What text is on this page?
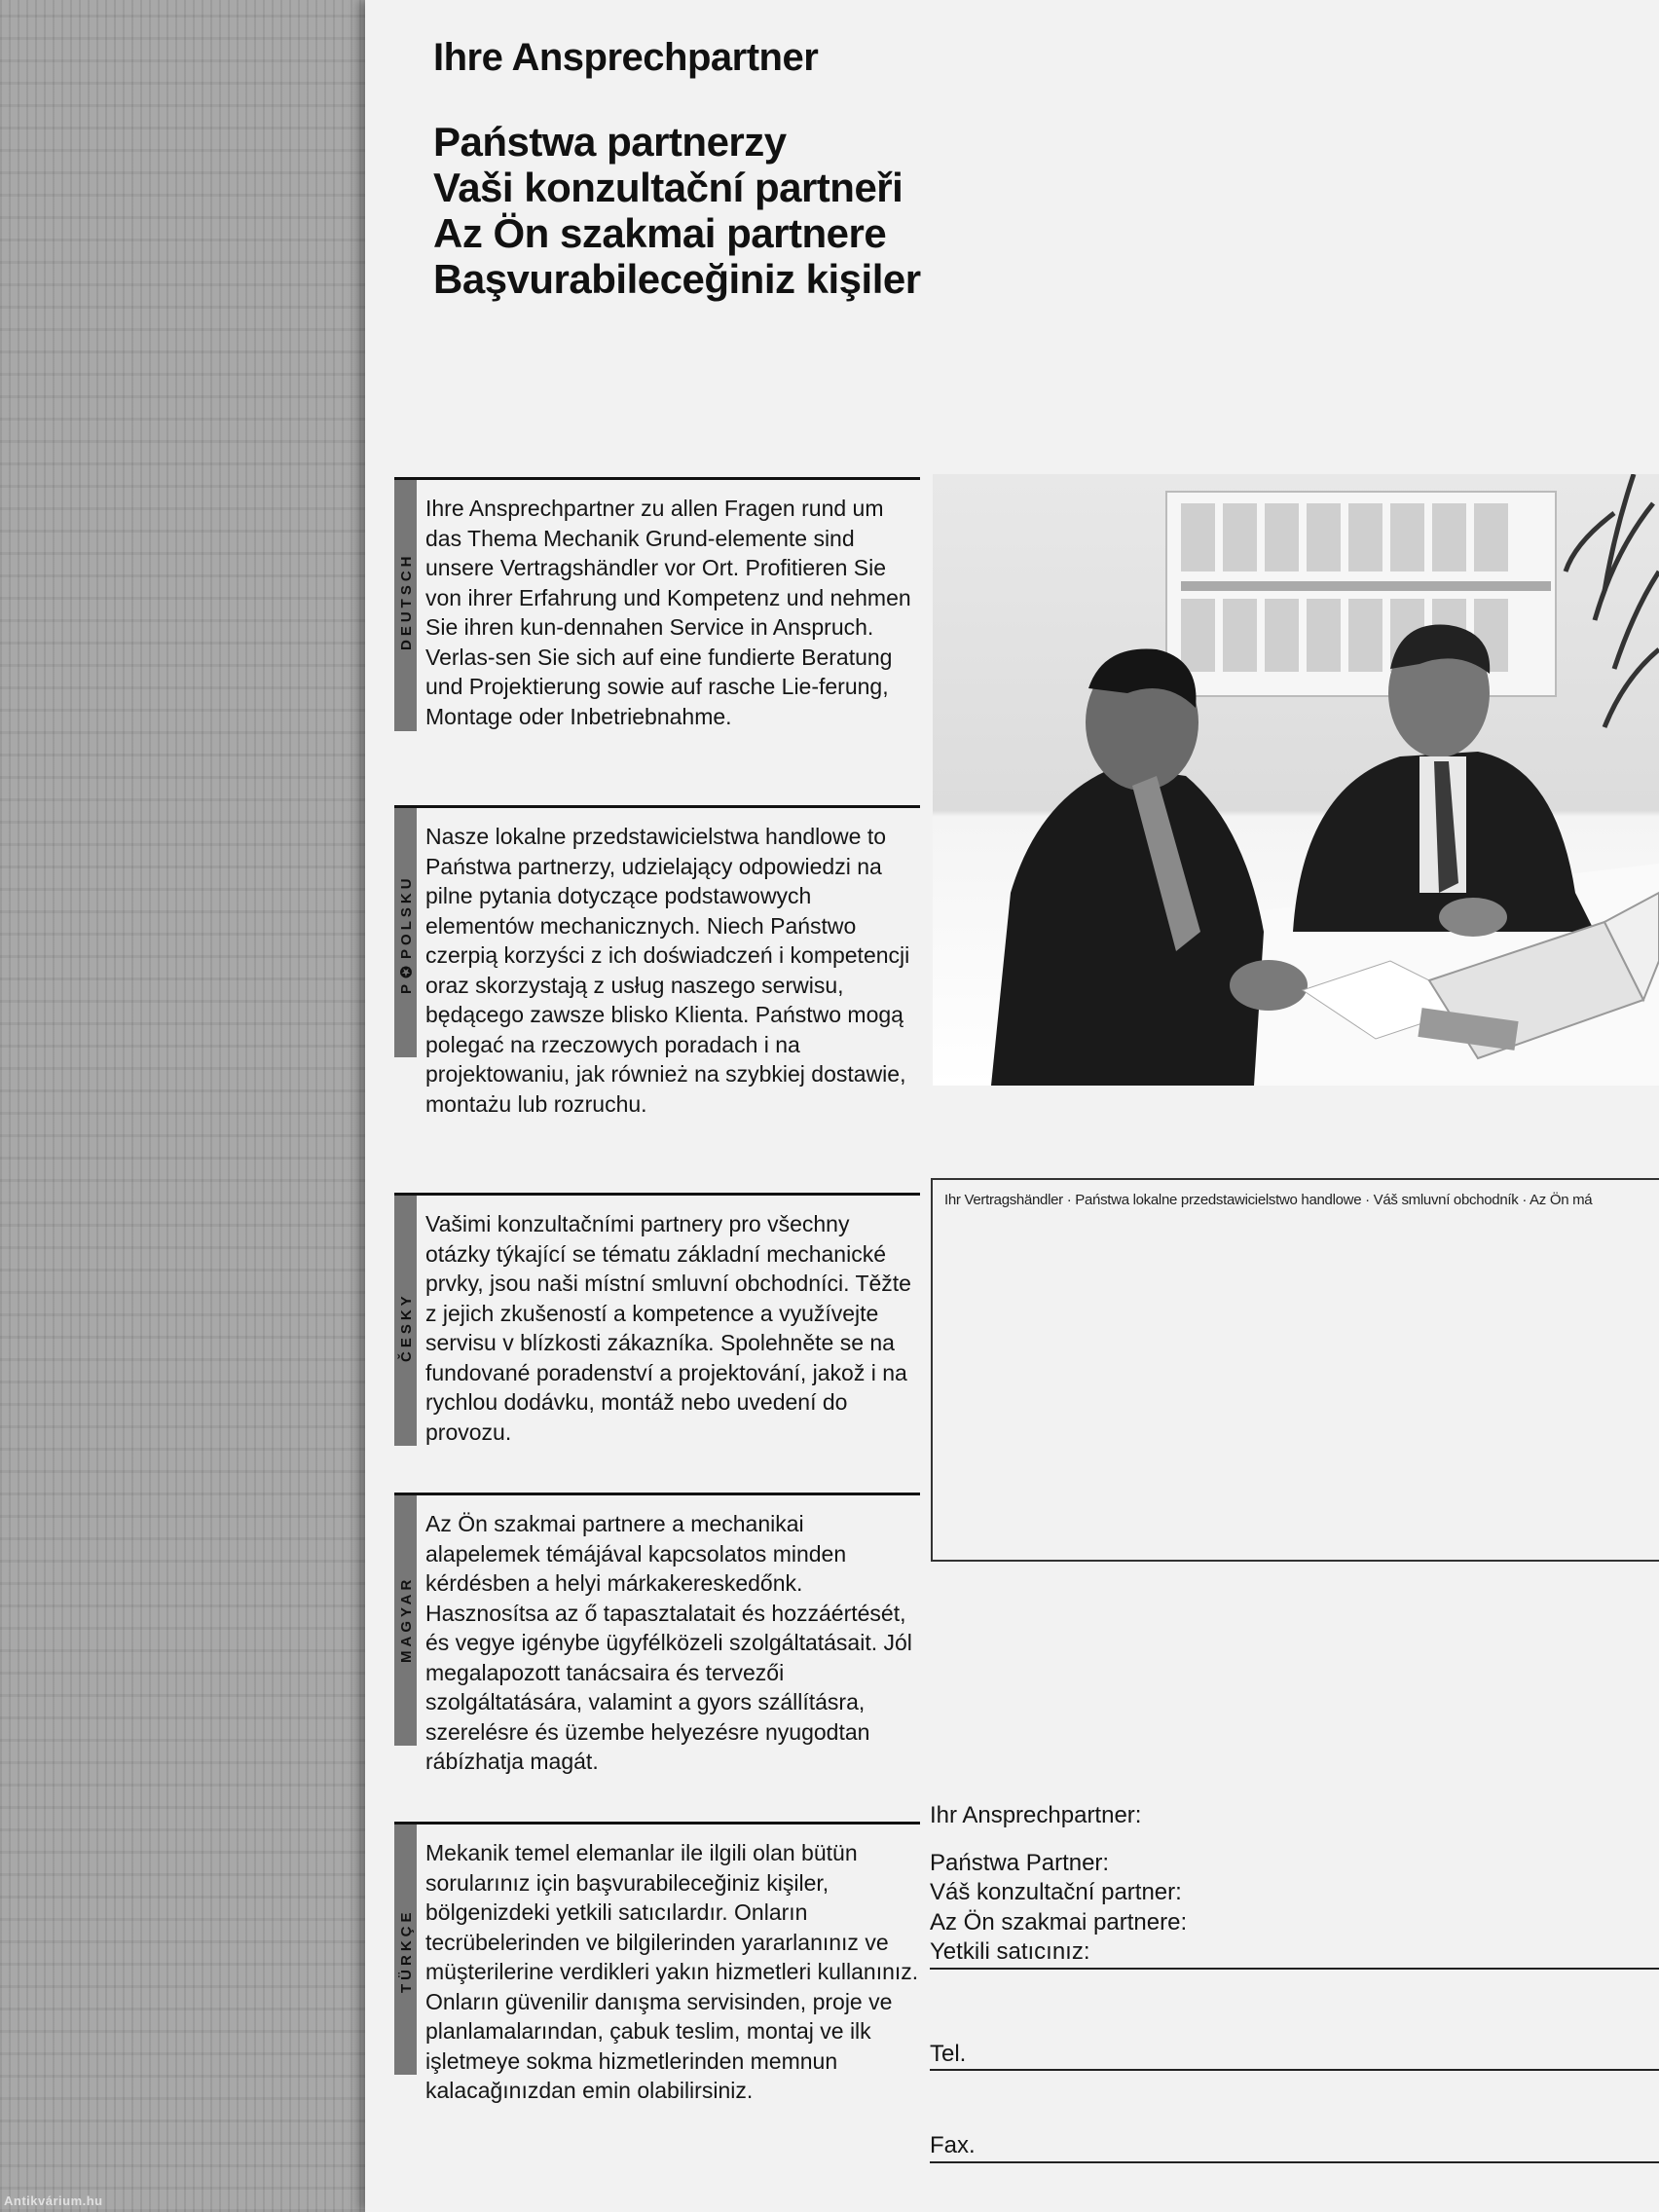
Ihre Ansprechpartner
Państwa partnerzy
Vaši konzultační partneři
Az Ön szakmai partnere
Başvurabileceğiniz kişiler
DEUTSCH
Ihre Ansprechpartner zu allen Fragen rund um das Thema Mechanik Grund-elemente sind unsere Vertragshändler vor Ort. Profitieren Sie von ihrer Erfahrung und Kompetenz und nehmen Sie ihren kun-dennahen Service in Anspruch. Verlas-sen Sie sich auf eine fundierte Beratung und Projektierung sowie auf rasche Lie-ferung, Montage oder Inbetriebnahme.
P✪POLSKU
Nasze lokalne przedstawicielstwa handlowe to Państwa partnerzy, udzielający odpowiedzi na pilne pytania dotyczące podstawowych elementów mechanicznych. Niech Państwo czerpią korzyści z ich doświadczeń i kompetencji oraz skorzystają z usług naszego serwisu, będącego zawsze blisko Klienta. Państwo mogą polegać na rzeczowych poradach i na projektowaniu, jak również na szybkiej dostawie, montażu lub rozruchu.
ČESKY
Vašimi konzultačními partnery pro všechny otázky týkající se tématu základní mechanické prvky, jsou naši místní smluvní obchodníci. Těžte z jejich zkušeností a kompetence a využívejte servisu v blízkosti zákazníka. Spolehněte se na fundované poradenství a projektování, jakož i na rychlou dodávku, montáž nebo uvedení do provozu.
MAGYAR
Az Ön szakmai partnere a mechanikai alapelemek témájával kapcsolatos minden kérdésben a helyi márkakereskedőnk. Hasznosítsa az ő tapasztalatait és hozzáértését, és vegye igénybe ügyfélközeli szolgáltatásait. Jól megalapozott tanácsaira és tervezői szolgáltatására, valamint a gyors szállításra, szerelésre és üzembe helyezésre nyugodtan rábízhatja magát.
TÜRKÇE
Mekanik temel elemanlar ile ilgili olan bütün sorularınız için başvurabileceğiniz kişiler, bölgenizdeki yetkili satıcılardır. Onların tecrübelerinden ve bilgilerinden yararlanınız ve müşterilerine verdikleri yakın hizmetleri kullanınız. Onların güvenilir danışma servisinden, proje ve planlamalarından, çabuk teslim, montaj ve ilk işletmeye sokma hizmetlerinden memnun kalacağınızdan emin olabilirsiniz.
Ihr Vertragshändler · Państwa lokalne przedstawicielstwo handlowe · Váš smluvní obchodník · Az Ön má
Ihr Ansprechpartner:
Państwa Partner:
Váš konzultační partner:
Az Ön szakmai partnere:
Yetkili satıcınız:
Tel.
Fax.
Antikvárium.hu
